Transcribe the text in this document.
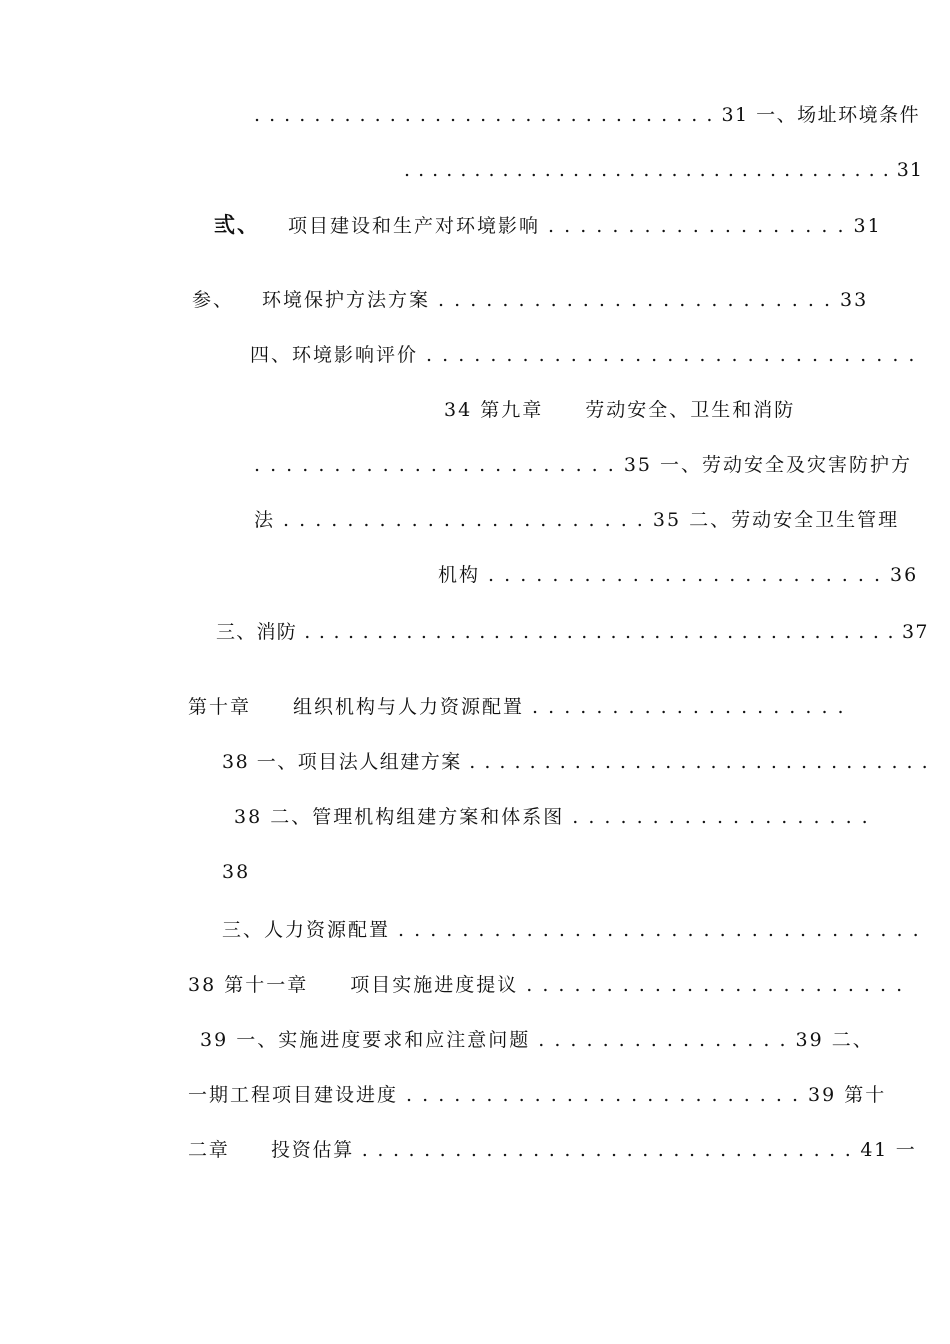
. . . . . . . . . . . . . . . . . . . . . . . . . . . . . . . 31 一、场址环境条件
. . . . . . . . . . . . . . . . . . . . . . . . . . . . . . . . . . . 31
弎、 项目建设和生产对环境影响 . . . . . . . . . . . . . . . . . . . 31
参、 环境保护方法方案 . . . . . . . . . . . . . . . . . . . . . . . . . 33
四、环境影响评价 . . . . . . . . . . . . . . . . . . . . . . . . . . . . . . .
34 第九章　　劳动安全、卫生和消防
. . . . . . . . . . . . . . . . . . . . . . . 35 一、劳动安全及灾害防护方
法 . . . . . . . . . . . . . . . . . . . . . . . 35 二、劳动安全卫生管理
机构 . . . . . . . . . . . . . . . . . . . . . . . . . 36
三、消防 . . . . . . . . . . . . . . . . . . . . . . . . . . . . . . . . . . . . . . . . . 37
第十章　　组织机构与人力资源配置 . . . . . . . . . . . . . . . . . . . .
38 一、项目法人组建方案 . . . . . . . . . . . . . . . . . . . . . . . . . . . . . . .
38 二、管理机构组建方案和体系图 . . . . . . . . . . . . . . . . . . .
38
三、人力资源配置 . . . . . . . . . . . . . . . . . . . . . . . . . . . . . . . . .
38 第十一章　　项目实施进度提议 . . . . . . . . . . . . . . . . . . . . . . . .
39 一、实施进度要求和应注意问题 . . . . . . . . . . . . . . . . 39 二、
一期工程项目建设进度 . . . . . . . . . . . . . . . . . . . . . . . . . 39 第十
二章　　投资估算 . . . . . . . . . . . . . . . . . . . . . . . . . . . . . . . . 41 一
